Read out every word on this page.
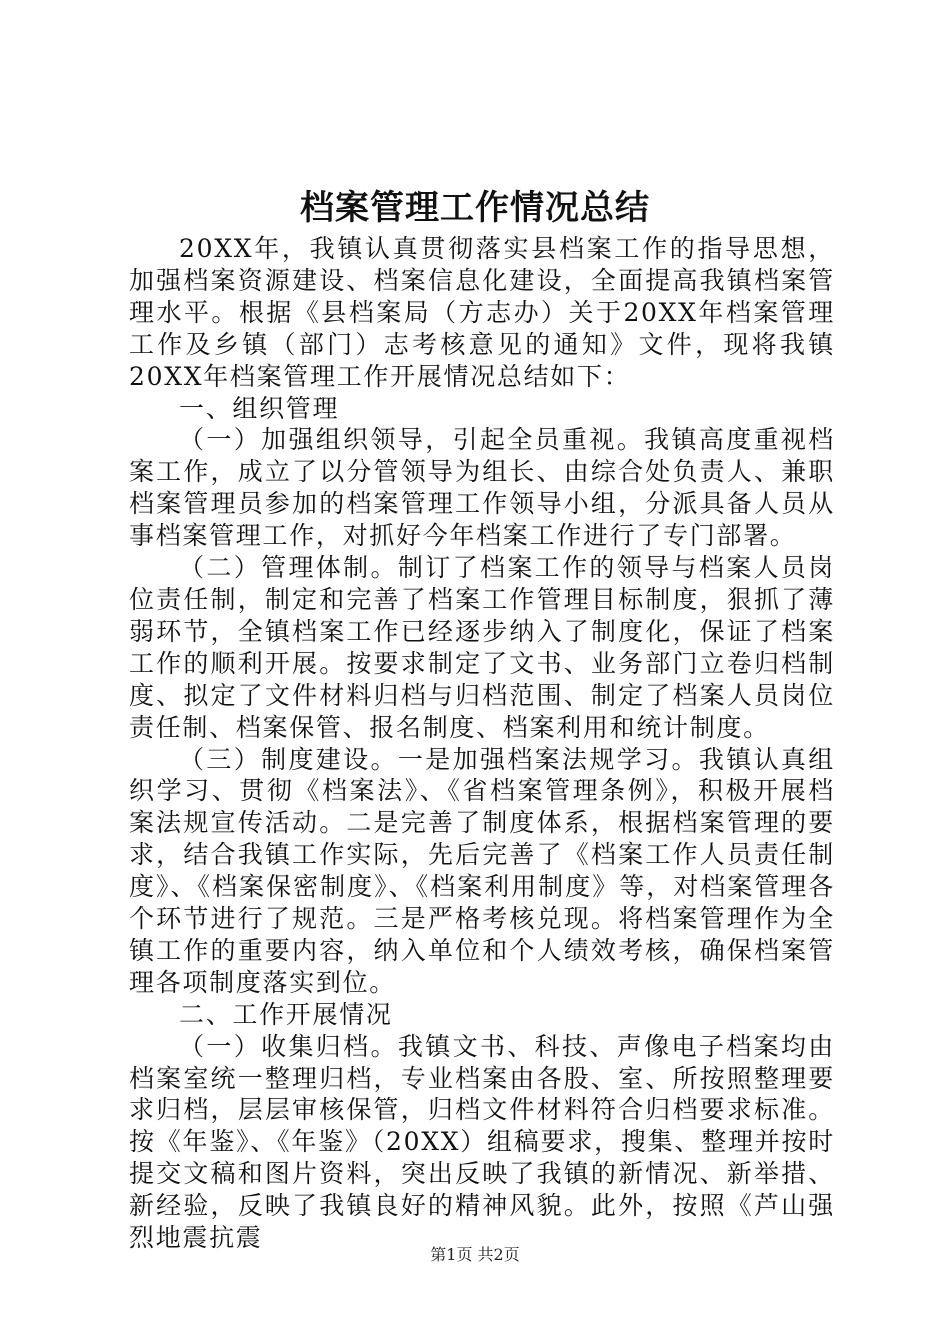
档案管理工作情况总结

20XX年，我镇认真贯彻落实县档案工作的指导思想，加强档案资源建设、档案信息化建设，全面提高我镇档案管理水平。根据《县档案局（方志办）关于20XX年档案管理工作及乡镇（部门）志考核意见的通知》文件，现将我镇20XX年档案管理工作开展情况总结如下：

一、组织管理

（一）加强组织领导，引起全员重视。我镇高度重视档案工作，成立了以分管领导为组长、由综合处负责人、兼职档案管理员参加的档案管理工作领导小组，分派具备人员从事档案管理工作，对抓好今年档案工作进行了专门部署。

（二）管理体制。制订了档案工作的领导与档案人员岗位责任制，制定和完善了档案工作管理目标制度，狠抓了薄弱环节，全镇档案工作已经逐步纳入了制度化，保证了档案工作的顺利开展。按要求制定了文书、业务部门立卷归档制度、拟定了文件材料归档与归档范围、制定了档案人员岗位责任制、档案保管、报名制度、档案利用和统计制度。

（三）制度建设。一是加强档案法规学习。我镇认真组织学习、贯彻《档案法》、《省档案管理条例》，积极开展档案法规宣传活动。二是完善了制度体系，根据档案管理的要求，结合我镇工作实际，先后完善了《档案工作人员责任制度》、《档案保密制度》、《档案利用制度》等，对档案管理各个环节进行了规范。三是严格考核兑现。将档案管理作为全镇工作的重要内容，纳入单位和个人绩效考核，确保档案管理各项制度落实到位。

二、工作开展情况

（一）收集归档。我镇文书、科技、声像电子档案均由档案室统一整理归档，专业档案由各股、室、所按照整理要求归档，层层审核保管，归档文件材料符合归档要求标准。按《年鉴》、《年鉴》（20XX）组稿要求，搜集、整理并按时提交文稿和图片资料，突出反映了我镇的新情况、新举措、新经验，反映了我镇良好的精神风貌。此外，按照《芦山强烈地震抗震

第1页 共2页
